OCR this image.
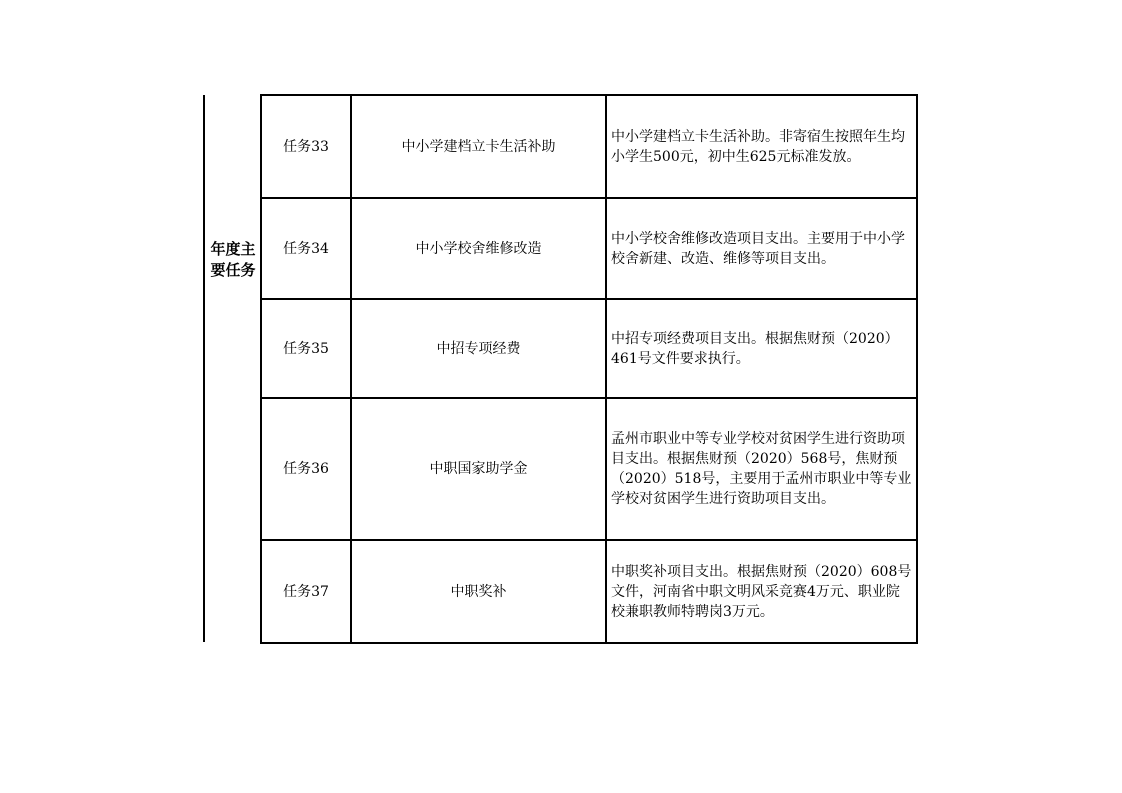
年度主要任务
任务33	中小学建档立卡生活补助	中小学建档立卡生活补助。非寄宿生按照年生均小学生500元，初中生625元标准发放。
任务34	中小学校舍维修改造	中小学校舍维修改造项目支出。主要用于中小学校舍新建、改造、维修等项目支出。
任务35	中招专项经费	中招专项经费项目支出。根据焦财预（2020）461号文件要求执行。
任务36	中职国家助学金	孟州市职业中等专业学校对贫困学生进行资助项目支出。根据焦财预（2020）568号，焦财预（2020）518号，主要用于孟州市职业中等专业学校对贫困学生进行资助项目支出。
任务37	中职奖补	中职奖补项目支出。根据焦财预（2020）608号文件，河南省中职文明风采竞赛4万元、职业院校兼职教师特聘岗3万元。
